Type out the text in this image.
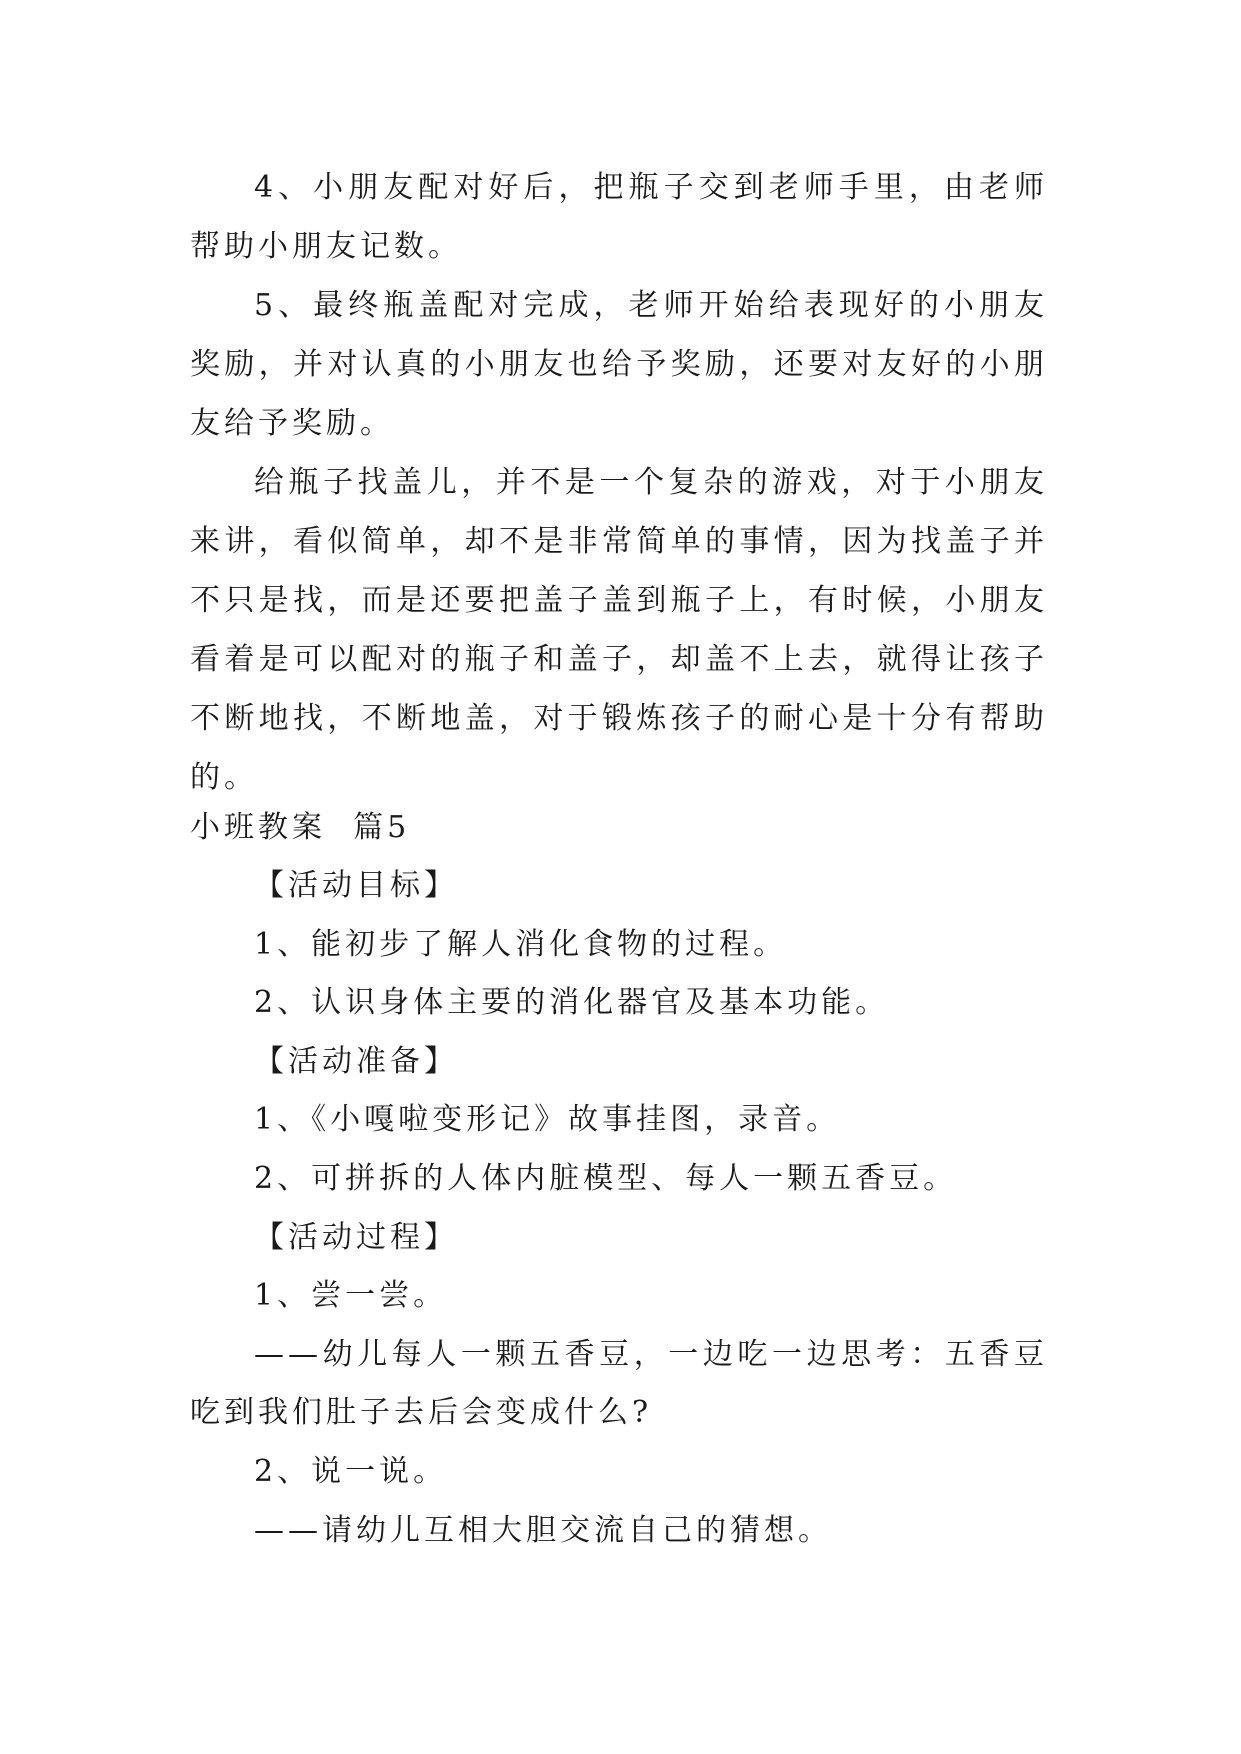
4、小朋友配对好后，把瓶子交到老师手里，由老师帮助小朋友记数。

5、最终瓶盖配对完成，老师开始给表现好的小朋友奖励，并对认真的小朋友也给予奖励，还要对友好的小朋友给予奖励。

给瓶子找盖儿，并不是一个复杂的游戏，对于小朋友来讲，看似简单，却不是非常简单的事情，因为找盖子并不只是找，而是还要把盖子盖到瓶子上，有时候，小朋友看着是可以配对的瓶子和盖子，却盖不上去，就得让孩子不断地找，不断地盖，对于锻炼孩子的耐心是十分有帮助的。

小班教案  篇5

【活动目标】

1、能初步了解人消化食物的过程。

2、认识身体主要的消化器官及基本功能。

【活动准备】

1、《小嘎啦变形记》故事挂图，录音。

2、可拼拆的人体内脏模型、每人一颗五香豆。

【活动过程】

1、尝一尝。

——幼儿每人一颗五香豆，一边吃一边思考：五香豆吃到我们肚子去后会变成什么?

2、说一说。

——请幼儿互相大胆交流自己的猜想。
